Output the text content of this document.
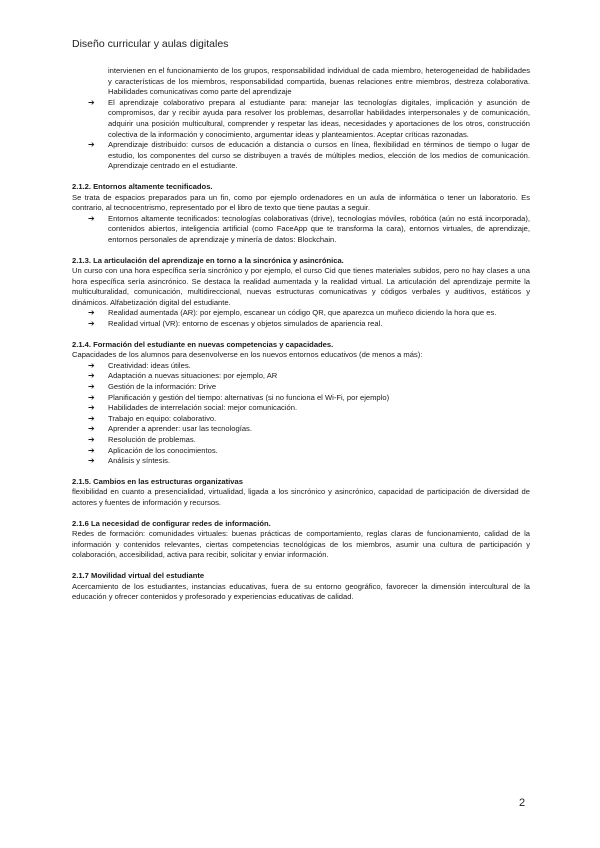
Diseño curricular y aulas digitales
intervienen en el funcionamiento de los grupos, responsabilidad individual de cada miembro, heterogeneidad de habilidades y características de los miembros, responsabilidad compartida, buenas relaciones entre miembros, destreza colaborativa. Habilidades comunicativas como parte del aprendizaje
➔ El aprendizaje colaborativo prepara al estudiante para: manejar las tecnologías digitales, implicación y asunción de compromisos, dar y recibir ayuda para resolver los problemas, desarrollar habilidades interpersonales y de comunicación, adquirir una posición multicultural, comprender y respetar las ideas, necesidades y aportaciones de los otros, construcción colectiva de la información y conocimiento, argumentar ideas y planteamientos. Aceptar críticas razonadas.
➔ Aprendizaje distribuido: cursos de educación a distancia o cursos en línea, flexibilidad en términos de tiempo o lugar de estudio, los componentes del curso se distribuyen a través de múltiples medios, elección de los medios de comunicación. Aprendizaje centrado en el estudiante.
2.1.2. Entornos altamente tecnificados.
Se trata de espacios preparados para un fin, como por ejemplo ordenadores en un aula de informática o tener un laboratorio. Es contrario, al tecnocentrismo, representado por el libro de texto que tiene pautas a seguir.
➔ Entornos altamente tecnificados: tecnologías colaborativas (drive), tecnologías móviles, robótica (aún no está incorporada), contenidos abiertos, inteligencia artificial (como FaceApp que te transforma la cara), entornos virtuales, de aprendizaje, entornos personales de aprendizaje y minería de datos: Blockchain.
2.1.3. La articulación del aprendizaje en torno a la sincrónica y asincrónica.
Un curso con una hora específica sería sincrónico y por ejemplo, el curso Cid que tienes materiales subidos, pero no hay clases a una hora específica sería asincrónico. Se destaca la realidad aumentada y la realidad virtual. La articulación del aprendizaje permite la multiculturalidad, comunicación, multidireccional, nuevas estructuras comunicativas y códigos verbales y auditivos, estáticos y dinámicos. Alfabetización digital del estudiante.
➔ Realidad aumentada (AR): por ejemplo, escanear un código QR, que aparezca un muñeco diciendo la hora que es.
➔ Realidad virtual (VR): entorno de escenas y objetos simulados de apariencia real.
2.1.4. Formación del estudiante en nuevas competencias y capacidades.
Capacidades de los alumnos para desenvolverse en los nuevos entornos educativos (de menos a más):
➔ Creatividad: ideas útiles.
➔ Adaptación a nuevas situaciones: por ejemplo, AR
➔ Gestión de la información: Drive
➔ Planificación y gestión del tiempo: alternativas (si no funciona el Wi-Fi, por ejemplo)
➔ Habilidades de interrelación social: mejor comunicación.
➔ Trabajo en equipo: colaborativo.
➔ Aprender a aprender: usar las tecnologías.
➔ Resolución de problemas.
➔ Aplicación de los conocimientos.
➔ Análisis y síntesis.
2.1.5. Cambios en las estructuras organizativas
flexibilidad en cuanto a presencialidad, virtualidad, ligada a los sincrónico y asincrónico, capacidad de participación de diversidad de actores y fuentes de información y recursos.
2.1.6 La necesidad de configurar redes de información.
Redes de formación: comunidades virtuales: buenas prácticas de comportamiento, reglas claras de funcionamiento, calidad de la información y contenidos relevantes, ciertas competencias tecnológicas de los miembros, asumir una cultura de participación y colaboración, accesibilidad, activa para recibir, solicitar y enviar información.
2.1.7 Movilidad virtual del estudiante
Acercamiento de los estudiantes, instancias educativas, fuera de su entorno geográfico, favorecer la dimensión intercultural de la educación y ofrecer contenidos y profesorado y experiencias educativas de calidad.
2
